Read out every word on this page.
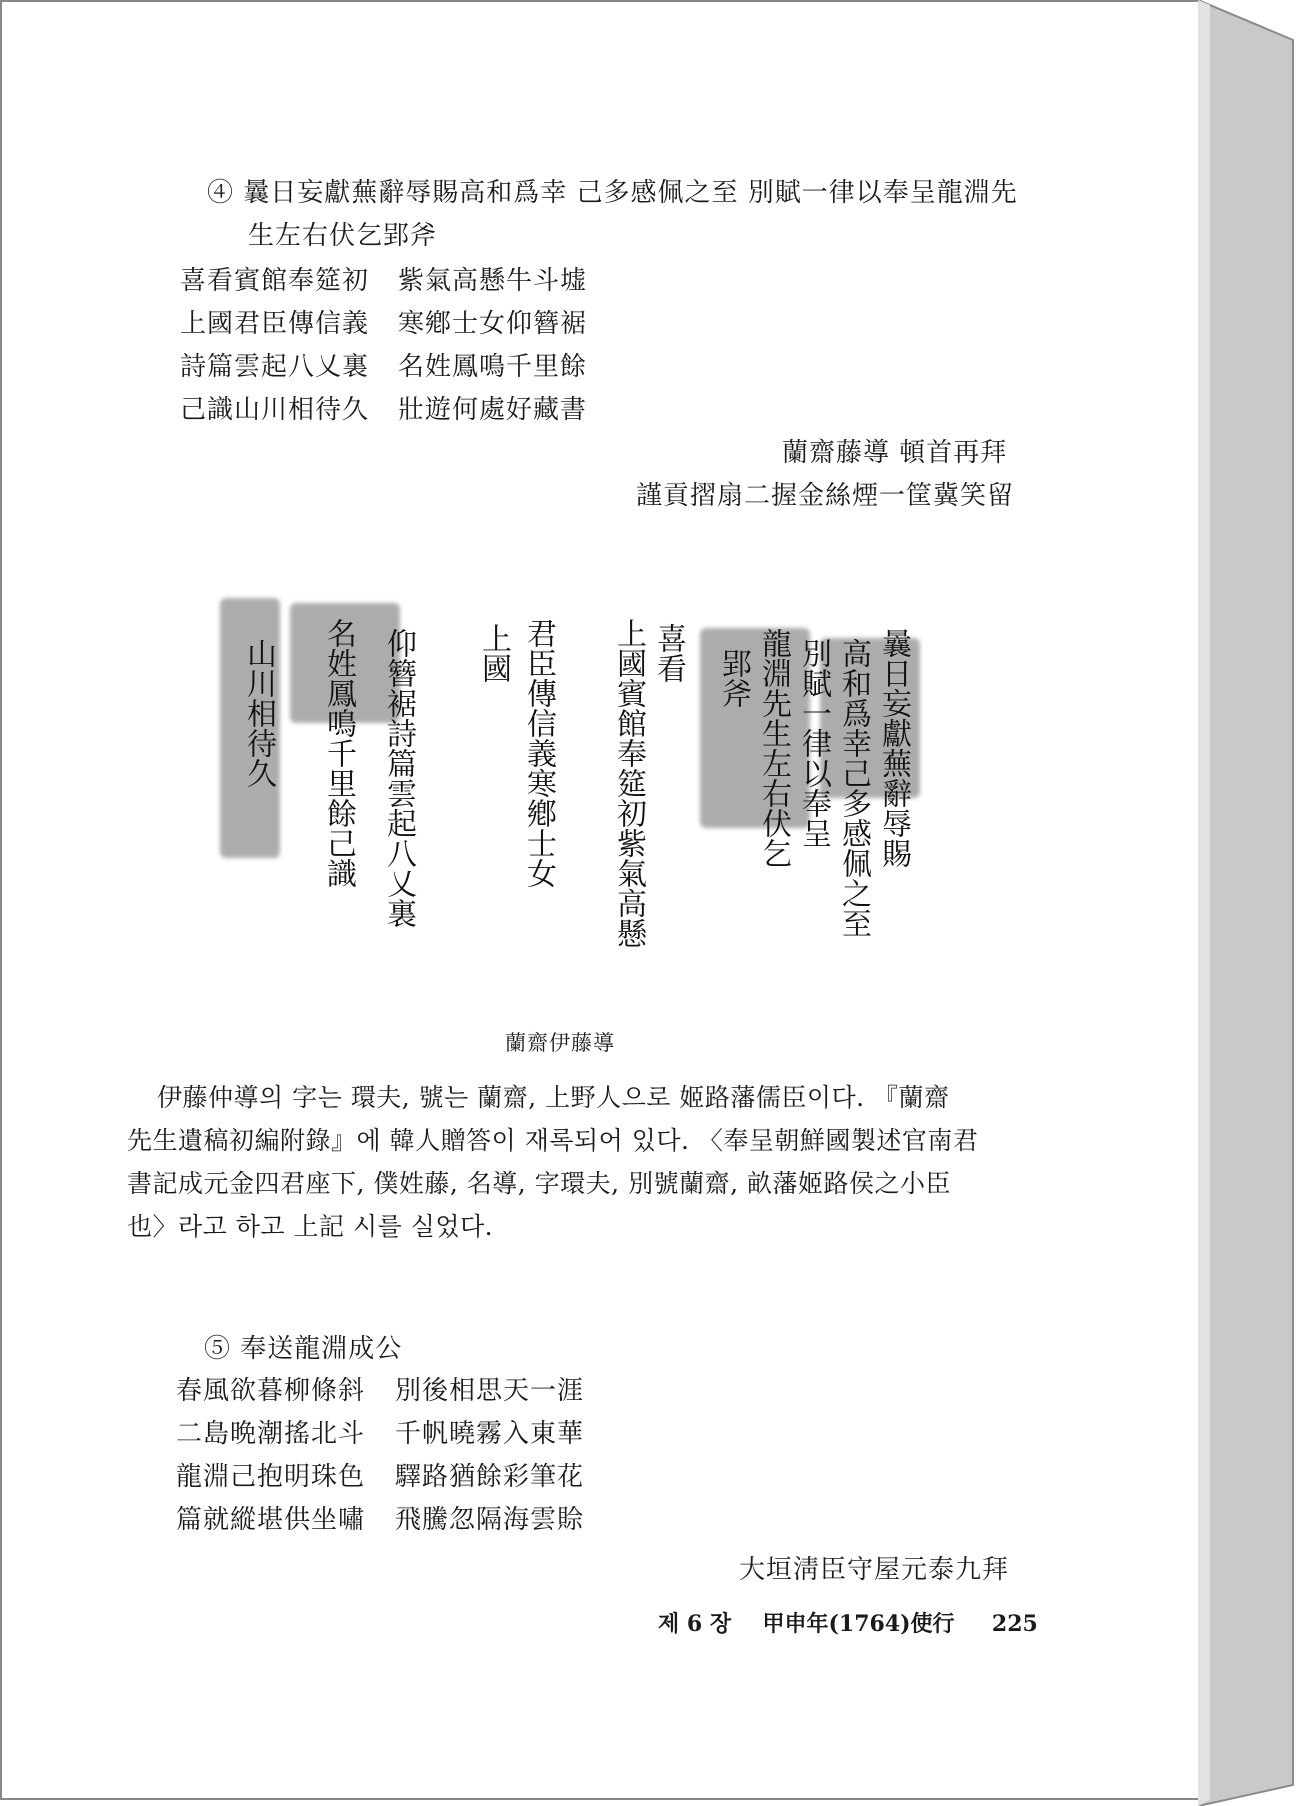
④ 曩日妄獻蕪辭辱賜高和爲幸 己多感佩之至 別賦一律以奉呈龍淵先
生左右伏乞郢斧
喜看賓館奉筵初 紫氣高懸牛斗墟
上國君臣傳信義 寒鄕士女仰簪裾
詩篇雲起八乂裏 名姓鳳鳴千里餘
己識山川相待久 壯遊何處好藏書
蘭齋藤導 頓首再拜
謹貢摺扇二握金絲煙一筐冀笑留
曩日妄獻蕪辭辱賜
高和爲幸己多感佩之至
別賦一律以奉呈
龍淵先生左右伏乞
郢斧
喜看
上國賓館奉筵初紫氣高懸
君臣傳信義寒鄕士女
上國
仰簪裾詩篇雲起八乂裏
名姓鳳鳴千里餘己識
山川相待久
蘭齋伊藤導
伊藤仲導의 字는 環夫, 號는 蘭齋, 上野人으로 姬路藩儒臣이다. 『蘭齋
先生遺稿初編附錄』에 韓人贈答이 재록되어 있다. 〈奉呈朝鮮國製述官南君
書記成元金四君座下, 僕姓藤, 名導, 字環夫, 別號蘭齋, 畝藩姬路侯之小臣
也〉라고 하고 上記 시를 실었다.
⑤ 奉送龍淵成公
春風欲暮柳條斜 別後相思天一涯
二島晩潮搖北斗 千帆曉霧入東華
龍淵己抱明珠色 驛路猶餘彩筆花
篇就縱堪供坐嘯 飛騰忽隔海雲賒
大垣淸臣守屋元泰九拜
제 6 장 甲申年(1764)使行 225
